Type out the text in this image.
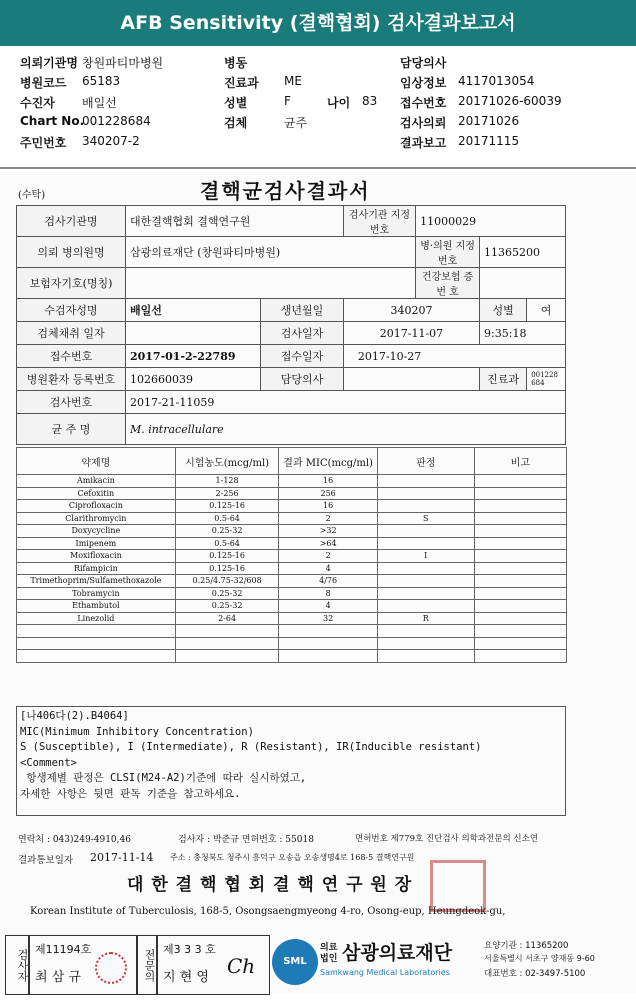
AFB Sensitivity (결핵협회) 검사결과보고서
의뢰기관명 창원파티마병원
병원코드 65183
수진자 배일선
Chart No.
001228684
주민번호 340207-2
병동
진료과 ME
성별	F
검체	균주
담당의사
임상정보 4117013054
접수번호 20171026-60039
검사의뢰 20171026
결과보고 20171115
나이 83
(수탁)	결핵균검사결과서
검사기관명	대한결핵협회 결핵연구원		검사기관 지정번호	11000029		
의뢰 병의원명	삼광의료재단 (창원파티마병원)			병·의원 지정번호	11365200	
보험자기호(명칭)				건강보험 증 번 호		
수검자성명	배일선	생년월일	340207		성별	여
검체채취 일자		검사일자	2017-11-07		9:35:18	
접수번호	2017-01-2-22789	접수일자	2017-10-27			
병원환자 등록번호	102660039	담당의사			진료과	001228684
검사번호	2017-21-11059					
균 주 명	M. intracellulare					
약제명	시험농도(mcg/ml)	결과 MIC(mcg/ml)	판정	비고
Amikacin	1-128	16		
Cefoxitin	2-256	256		
Ciprofloxacin	0.125-16	16		
Clarithromycin	0.5-64	2	S	
Doxycycline	0.25-32	>32		
Imipenem	0.5-64	>64		
Moxifloxacin	0.125-16	2	I	
Rifampicin	0.125-16	4		
Trimethoprim/Sulfamethoxazole	0.25/4.75-32/608	4/76		
Tobramycin	0.25-32	8		
Ethambutol	0.25-32	4		
Linezolid	2-64	32	R	

[나406다(2).B4064]
MIC(Minimum Inhibitory Concentration)
S (Susceptible), I (Intermediate), R (Resistant), IR(Inducible resistant)
<Comment>
항생제별 판정은 CLSI(M24-A2)기준에 따라 실시하였고,
자세한 사항은 뒷면 판독 기준을 참고하세요.
연락처 : 043)249-4910,46	검사자 : 박준규 면허번호 : 55018	면허번호 제779호 진단검사 의학과전문의 신소연
결과통보일자 2017-11-14 주소 : 충청북도 청주시 흥덕구 오송읍 오송생명4로 168-5 결핵연구원
대 한 결 핵 협 회 결 핵 연 구 원 장
Korean Institute of Tuberculosis, 168-5, Osongsaengmyeong 4-ro, Osong-eup, Heungdeok-gu,
검사자 제11194호
최 삼 규	전문의 제3 3 3 호
지 현 영 Ch	SML
의료
법인 삼광의료재단
Samkwang Medical Laboratories
요양기관 : 11365200
서울특별시 서초구 양재동 9-60
대표번호 : 02-3497-5100
